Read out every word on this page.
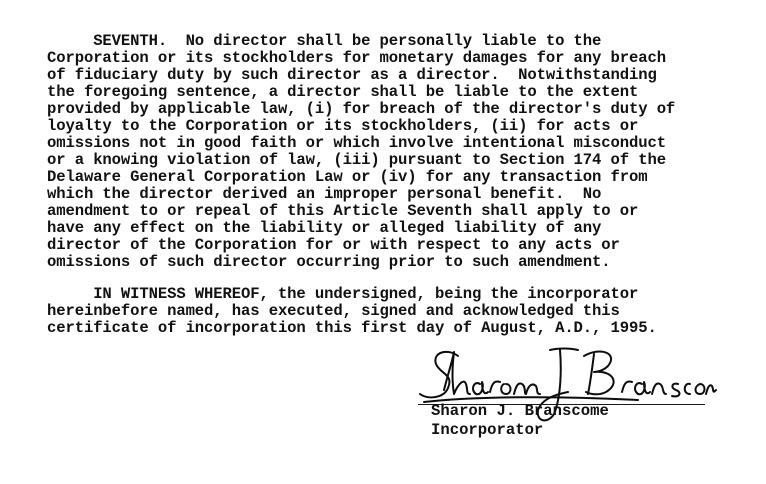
SEVENTH.  No director shall be personally liable to the
Corporation or its stockholders for monetary damages for any breach
of fiduciary duty by such director as a director.  Notwithstanding
the foregoing sentence, a director shall be liable to the extent
provided by applicable law, (i) for breach of the director's duty of
loyalty to the Corporation or its stockholders, (ii) for acts or
omissions not in good faith or which involve intentional misconduct
or a knowing violation of law, (iii) pursuant to Section 174 of the
Delaware General Corporation Law or (iv) for any transaction from
which the director derived an improper personal benefit.  No
amendment to or repeal of this Article Seventh shall apply to or
have any effect on the liability or alleged liability of any
director of the Corporation for or with respect to any acts or
omissions of such director occurring prior to such amendment.
IN WITNESS WHEREOF, the undersigned, being the incorporator
hereinbefore named, has executed, signed and acknowledged this
certificate of incorporation this first day of August, A.D., 1995.
Sharon J. Branscome
Incorporator
